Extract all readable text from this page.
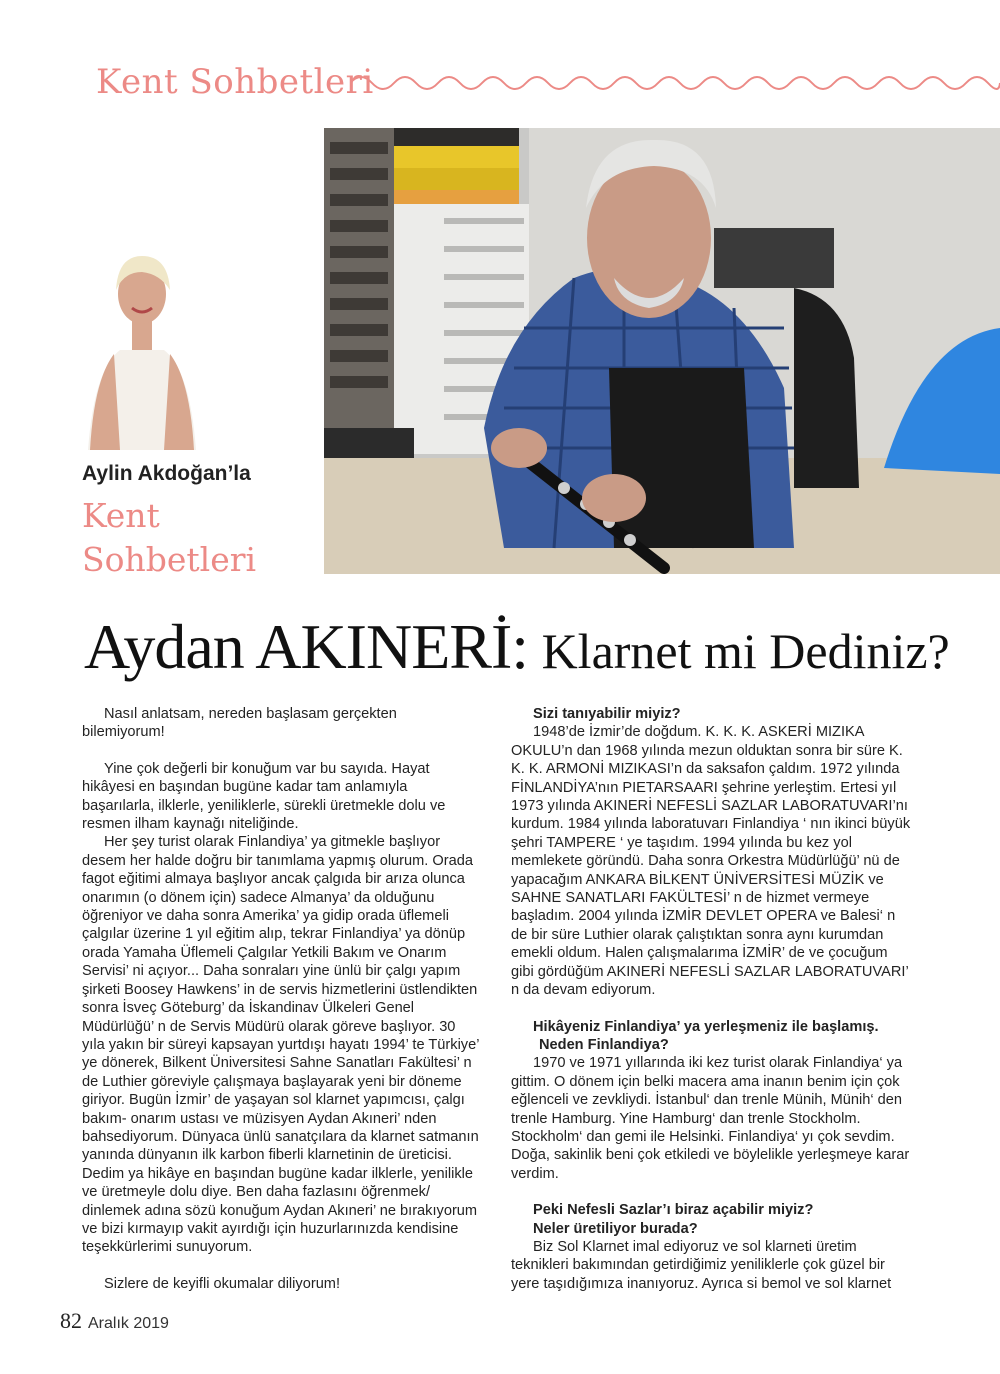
Kent Sohbetleri
Aylin Akdoğan’la
Kent
Sohbetleri
Aydan AKINERİ: Klarnet mi Dediniz?

Nasıl anlatsam, nereden başlasam gerçekten bilemiyorum!

Yine çok değerli bir konuğum var bu sayıda. Hayat hikâyesi en başından bugüne kadar tam anlamıyla başarılarla, ilklerle, yeniliklerle, sürekli üretmekle dolu ve resmen ilham kaynağı niteliğinde.

Her şey turist olarak Finlandiya’ ya gitmekle başlıyor desem her halde doğru bir tanımlama yapmış olurum. Orada fagot eğitimi almaya başlıyor ancak çalgıda bir arıza olunca onarımın (o dönem için) sadece Almanya’ da olduğunu öğreniyor ve daha sonra Amerika’ ya gidip orada üflemeli çalgılar üzerine 1 yıl eğitim alıp, tekrar Finlandiya’ ya dönüp orada Yamaha Üflemeli Çalgılar Yetkili Bakım ve Onarım Servisi’ ni açıyor... Daha sonraları yine ünlü bir çalgı yapım şirketi Boosey Hawkens’ in de servis hizmetlerini üstlendikten sonra İsveç Göteburg’ da İskandinav Ülkeleri Genel Müdürlüğü’ n de Servis Müdürü olarak göreve başlıyor. 30 yıla yakın bir süreyi kapsayan yurtdışı hayatı 1994’ te Türkiye’ ye dönerek, Bilkent Üniversitesi Sahne Sanatları Fakültesi’ n de Luthier göreviyle çalışmaya başlayarak yeni bir döneme giriyor. Bugün İzmir’ de yaşayan sol klarnet yapımcısı, çalgı bakım- onarım ustası ve müzisyen Aydan Akıneri’ nden bahsediyorum. Dünyaca ünlü sanatçılara da klarnet satmanın yanında dünyanın ilk karbon fiberli klarnetinin de üreticisi. Dedim ya hikâye en başından bugüne kadar ilklerle, yenilikle ve üretmeyle dolu diye. Ben daha fazlasını öğrenmek/ dinlemek adına sözü konuğum Aydan Akıneri’ ne bırakıyorum ve bizi kırmayıp vakit ayırdığı için huzurlarınızda kendisine teşekkürlerimi sunuyorum.

Sizlere de keyifli okumalar diliyorum!

Sizi tanıyabilir miyiz?

1948’de İzmir’de doğdum. K. K. K. ASKERİ MIZIKA OKULU’n dan 1968 yılında mezun olduktan sonra bir süre K. K. K. ARMONİ MIZIKASI’n da saksafon çaldım. 1972 yılında FİNLANDİYA’nın PIETARSAARI şehrine yerleştim. Ertesi yıl 1973 yılında AKINERİ NEFESLİ SAZLAR LABORATUVARI’nı kurdum. 1984 yılında laboratuvarı Finlandiya ‘ nın ikinci büyük şehri TAMPERE ‘ ye taşıdım. 1994 yılında bu kez yol memlekete göründü. Daha sonra Orkestra Müdürlüğü’ nü de yapacağım ANKARA BİLKENT ÜNİVERSİTESİ MÜZİK ve SAHNE SANATLARI FAKÜLTESİ’ n de hizmet vermeye başladım. 2004 yılında İZMİR DEVLET OPERA ve Balesi‘ n de bir süre Luthier olarak çalıştıktan sonra aynı kurumdan emekli oldum. Halen çalışmalarıma İZMİR’ de ve çocuğum gibi gördüğüm AKINERİ NEFESLİ SAZLAR LABORATUVARI’ n da devam ediyorum.

Hikâyeniz Finlandiya’ ya yerleşmeniz ile başlamış.

Neden Finlandiya?

1970 ve 1971 yıllarında iki kez turist olarak Finlandiya‘ ya gittim. O dönem için belki macera ama inanın benim için çok eğlenceli ve zevkliydi. İstanbul‘ dan trenle Münih, Münih‘ den trenle Hamburg. Yine Hamburg‘ dan trenle Stockholm. Stockholm‘ dan gemi ile Helsinki. Finlandiya‘ yı çok sevdim. Doğa, sakinlik beni çok etkiledi ve böylelikle yerleşmeye karar verdim.

Peki Nefesli Sazlar’ı biraz açabilir miyiz?

Neler üretiliyor burada?

Biz Sol Klarnet imal ediyoruz ve sol klarneti üretim teknikleri bakımından getirdiğimiz yeniliklerle çok güzel bir yere taşıdığımıza inanıyoruz. Ayrıca si bemol ve sol klarnet

82 Aralık 2019
